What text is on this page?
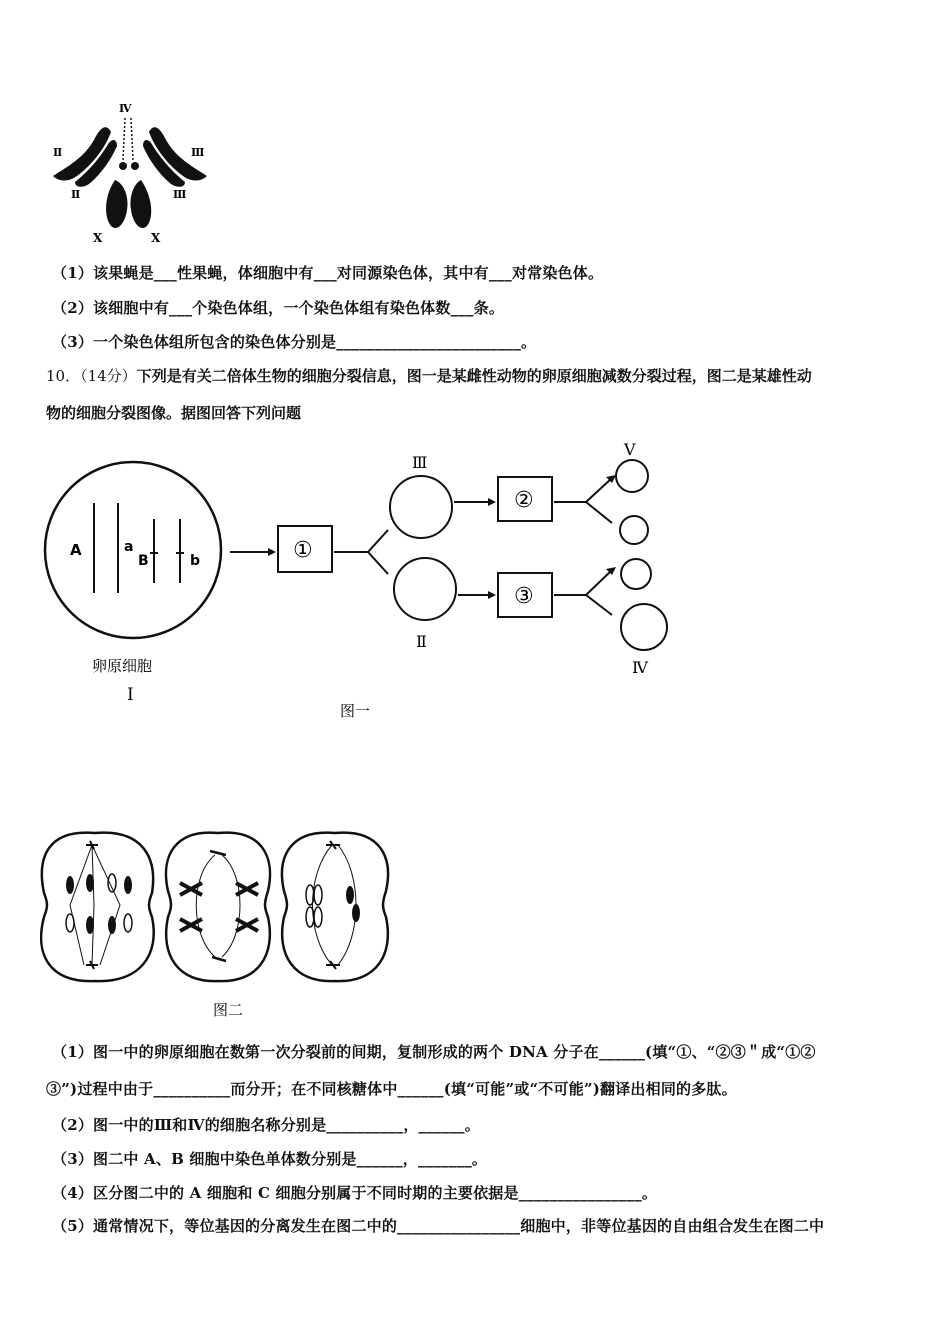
Ⅳ
Ⅱ	Ⅲ
Ⅱ	Ⅲ
X	X
（1）该果蝇是___性果蝇，体细胞中有___对同源染色体，其中有___对常染色体。
（2）该细胞中有___个染色体组，一个染色体组有染色体数___条。
（3）一个染色体组所包含的染色体分别是________________________。
10．（14分）下列是有关二倍体生物的细胞分裂信息，图一是某雌性动物的卵原细胞减数分裂过程，图二是某雄性动
物的细胞分裂图像。据图回答下列问题
A	a
B	b	①
Ⅲ
Ⅱ
②
③
Ⅴ
Ⅳ
卵原细胞
Ⅰ
图一
图二
（1）图一中的卵原细胞在数第一次分裂前的间期，复制形成的两个 DNA 分子在______(填“①、“②③＂成“①②
③”)过程中由于__________而分开；在不同核糖体中______(填“可能”或“不可能”)翻译出相同的多肽。
（2）图一中的Ⅲ和Ⅳ的细胞名称分别是__________，______。
（3）图二中 A、B 细胞中染色单体数分别是______，_______。
（4）区分图二中的 A 细胞和 C 细胞分别属于不同时期的主要依据是________________。
（5）通常情况下，等位基因的分离发生在图二中的________________细胞中，非等位基因的自由组合发生在图二中
